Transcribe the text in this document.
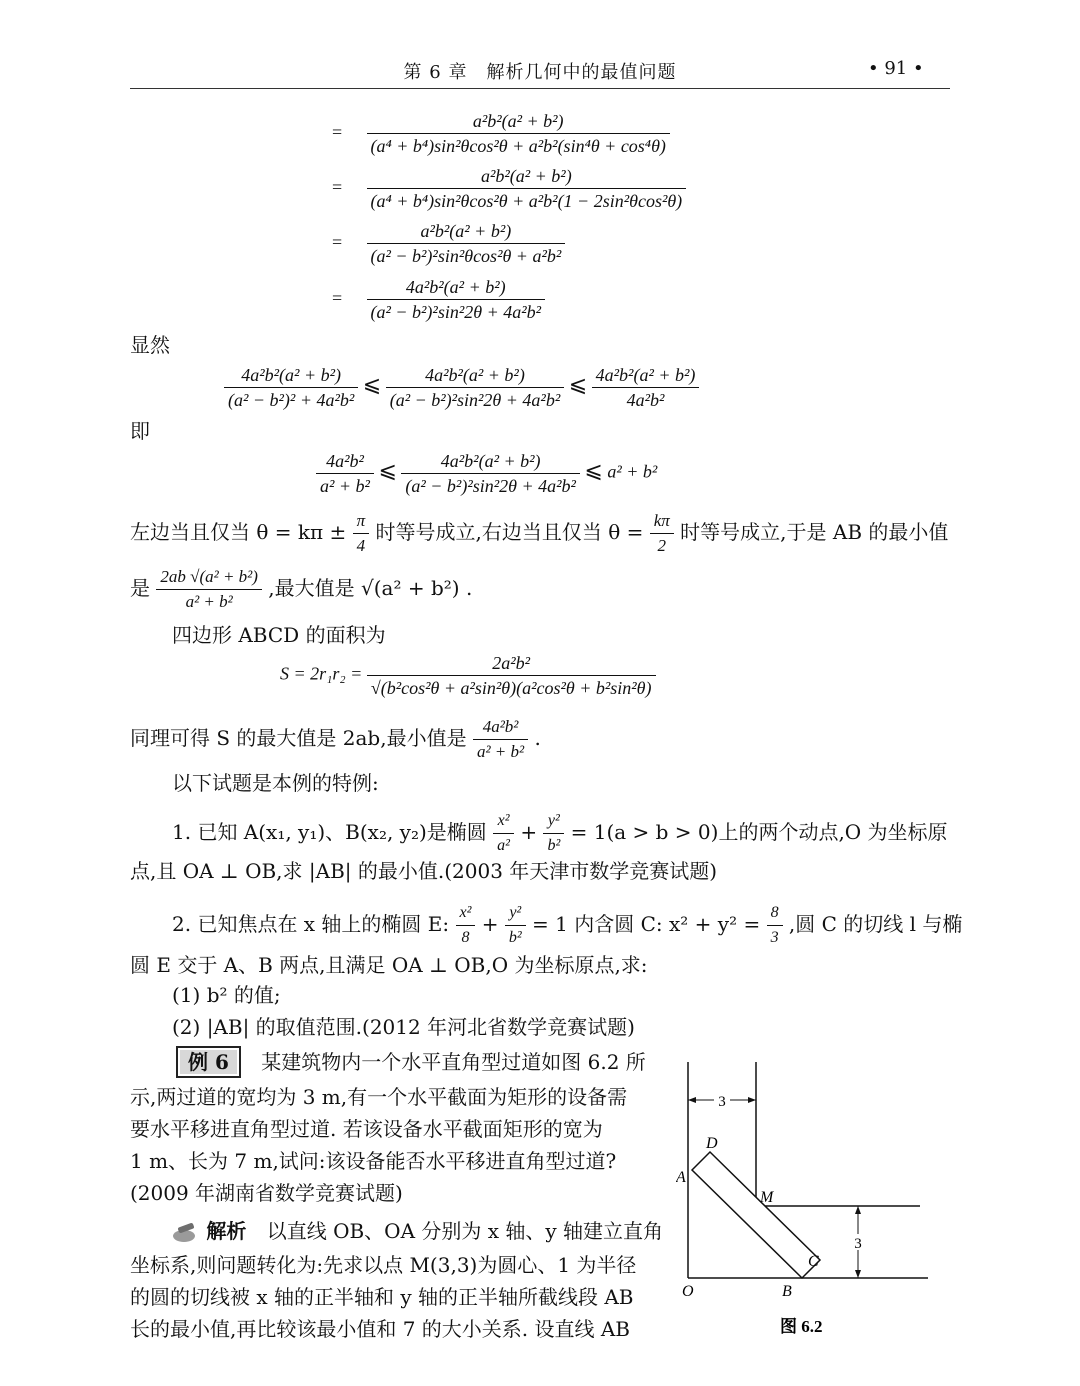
第 6 章　解析几何中的最值问题	• 91 •
= $\frac{\text{a²b²(a² + b²)}}{\text{(a⁴ + b⁴)sin²θcos²θ + a²b²(sin⁴θ + cos⁴θ)}}$
= $\frac{\text{a²b²(a² + b²)}}{\text{(a⁴ + b⁴)sin²θcos²θ + a²b²(1 − 2sin²θcos²θ)}}$
= $\frac{\text{a²b²(a² + b²)}}{\text{(a² − b²)²sin²θcos²θ + a²b²}}$
= $\frac{\text{4a²b²(a² + b²)}}{\text{(a² − b²)²sin²2θ + 4a²b²}}$
显然
$\frac{\text{4a²b²(a² + b²)}}{\text{(a² − b²)² + 4a²b²}}$ ⩽ $\frac{\text{4a²b²(a² + b²)}}{\text{(a² − b²)²sin²2θ + 4a²b²}}$ ⩽ $\frac{\text{4a²b²(a² + b²)}}{\text{4a²b²}}$
即
$\frac{\text{4a²b²}}{\text{a² + b²}}$ ⩽ $\frac{\text{4a²b²(a² + b²)}}{\text{(a² − b²)²sin²2θ + 4a²b²}}$ ⩽ a² + b²
左边当且仅当 $\theta = k\pi \pm \frac{\pi}{4}$ 时等号成立,右边当且仅当 $\theta = \frac{k\pi}{2}$ 时等号成立,于是 AB 的最小值
是 $\frac{\text{2ab √(a² + b²)}}{\text{a² + b²}}$ ,最大值是 √(a² + b²) .
四边形 ABCD 的面积为
$S = 2r_1r_2 = \frac{\text{2a²b²}}{\text{√(b²cos²θ + a²sin²θ)(a²cos²θ + b²sin²θ)}}$
同理可得 S 的最大值是 2ab,最小值是 $\frac{\text{4a²b²}}{\text{a² + b²}}$ .
以下试题是本例的特例:
1. 已知 A(x₁, y₁)、B(x₂, y₂)是椭圆 $\frac{\text{x²}}{\text{a²}} + \frac{\text{y²}}{\text{b²}} = 1(a > b > 0)$上的两个动点,O 为坐标原
点,且 OA ⊥ OB,求 |AB| 的最小值.(2003 年天津市数学竞赛试题)
2. 已知焦点在 x 轴上的椭圆 E: $\frac{\text{x²}}{8} + \frac{\text{y²}}{\text{b²}} = 1$ 内含圆 C: $x^2 + y^2 = \frac{8}{3}$ ,圆 C 的切线 l 与椭
圆 E 交于 A、B 两点,且满足 OA ⊥ OB,O 为坐标原点,求:
(1) b² 的值;
(2) |AB| 的取值范围.(2012 年河北省数学竞赛试题)
例 6 某建筑物内一个水平直角型过道如图 6.2 所
示,两过道的宽均为 3 m,有一个水平截面为矩形的设备需
要水平移进直角型过道. 若该设备水平截面矩形的宽为
1 m、长为 7 m,试问:该设备能否水平移进直角型过道?
(2009 年湖南省数学竞赛试题)
解析 以直线 OB、OA 分别为 x 轴、y 轴建立直角
坐标系,则问题转化为:先求以点 M(3,3)为圆心、1 为半径
的圆的切线被 x 轴的正半轴和 y 轴的正半轴所截线段 AB
长的最小值,再比较该最小值和 7 的大小关系. 设直线 AB
3
3
D
A
M
C
B
O
图 6.2
